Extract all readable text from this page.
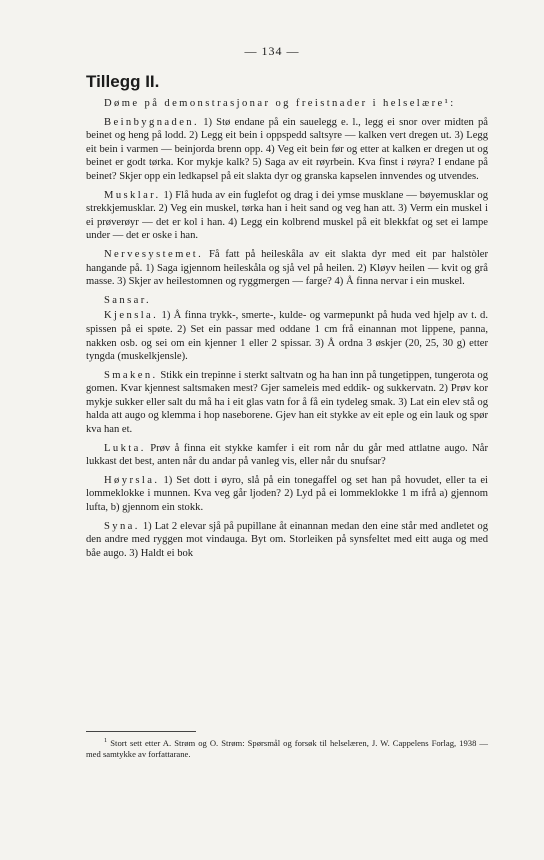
— 134 —
Tillegg II.

Døme på demonstrasjonar og freistnader i helselære¹:

Beinbygnaden. 1) Stø endane på ein sauelegg e. l., legg ei snor over midten på beinet og heng på lodd. 2) Legg eit bein i oppspedd saltsyre — kalken vert dregen ut. 3) Legg eit bein i varmen — beinjorda brenn opp. 4) Veg eit bein før og etter at kalken er dregen ut og beinet er godt tørka. Kor mykje kalk? 5) Saga av eit røyrbein. Kva finst i røyra? I endane på beinet? Skjer opp ein ledkapsel på eit slakta dyr og granska kapselen innvendes og utvendes.

Musklar. 1) Flå huda av ein fuglefot og drag i dei ymse musklane — bøyemusklar og strekkjemusklar. 2) Veg ein muskel, tørka han i heit sand og veg han att. 3) Verm ein muskel i ei prøverøyr — det er kol i han. 4) Legg ein kolbrend muskel på eit blekkfat og set ei lampe under — det er oske i han.

Nervesystemet. Få fatt på heileskåla av eit slakta dyr med eit par halstòler hangande på. 1) Saga igjennom heileskåla og sjå vel på heilen. 2) Kløyv heilen — kvit og grå masse. 3) Skjer av heilestomnen og ryggmergen — farge? 4) Å finna nervar i ein muskel.

Sansar.

Kjensla. 1) Å finna trykk-, smerte-, kulde- og varmepunkt på huda ved hjelp av t. d. spissen på ei spøte. 2) Set ein passar med oddane 1 cm frå einannan mot lippene, panna, nakken osb. og sei om ein kjenner 1 eller 2 spissar. 3) Å ordna 3 øskjer (20, 25, 30 g) etter tyngda (muskelkjensle).

Smaken. Stikk ein trepinne i sterkt saltvatn og ha han inn på tungetippen, tungerota og gomen. Kvar kjennest saltsmaken mest? Gjer sameleis med eddik- og sukkervatn. 2) Prøv kor mykje sukker eller salt du må ha i eit glas vatn for å få ein tydeleg smak. 3) Lat ein elev stå og halda att augo og klemma i hop naseborene. Gjev han eit stykke av eit eple og ein lauk og spør kva han et.

Lukta. Prøv å finna eit stykke kamfer i eit rom når du går med attlatne augo. Når lukkast det best, anten når du andar på vanleg vis, eller når du snufsar?

Høyrsla. 1) Set dott i øyro, slå på ein tonegaffel og set han på hovudet, eller ta ei lommeklokke i munnen. Kva veg går ljoden? 2) Lyd på ei lommeklokke 1 m ifrå a) gjennom lufta, b) gjennom ein stokk.

Syna. 1) Lat 2 elevar sjå på pupillane åt einannan medan den eine står med andletet og den andre med ryggen mot vindauga. Byt om. Storleiken på synsfeltet med eitt auga og med båe augo. 3) Haldt ei bok

$^1$ Stort sett etter A. Strøm og O. Strøm: Spørsmål og forsøk til helselæren, J. W. Cappelens Forlag, 1938 — med samtykke av forfattarane.
